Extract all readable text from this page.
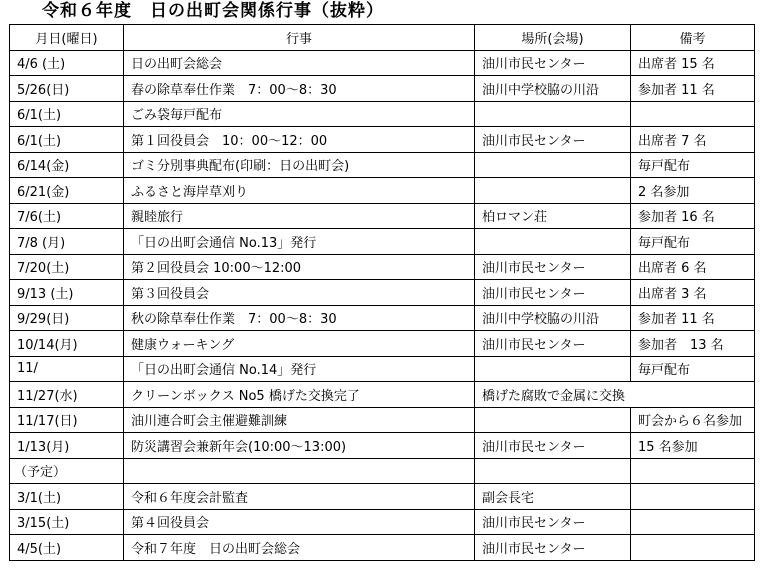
令和６年度　日の出町会関係行事（抜粋）
月日(曜日)	行事	場所(会場)	備考
4/6 (土)	日の出町会総会	油川市民センター	出席者 15 名
5/26(日)	春の除草奉仕作業　7：00～8：30	油川中学校脇の川沿	参加者 11 名
6/1(土)	ごみ袋毎戸配布		
6/1(土)	第１回役員会　10：00～12：00	油川市民センター	出席者 7 名
6/14(金)	ゴミ分別事典配布(印刷：日の出町会)		毎戸配布
6/21(金)	ふるさと海岸草刈り		2 名参加
7/6(土)	親睦旅行	柏ロマン荘	参加者 16 名
7/8 (月)	「日の出町会通信 No.13」発行		毎戸配布
7/20(土)	第２回役員会 10:00～12:00	油川市民センター	出席者 6 名
9/13 (土)	第３回役員会	油川市民センター	出席者 3 名
9/29(日)	秋の除草奉仕作業　7：00～8：30	油川中学校脇の川沿	参加者 11 名
10/14(月)	健康ウォーキング	油川市民センター	参加者　13 名
11/	「日の出町会通信 No.14」発行		毎戸配布
11/27(水)	クリーンボックス No5 橋げた交換完了	橋げた腐敗で金属に交換	
11/17(日)	油川連合町会主催避難訓練		町会から６名参加
1/13(月)	防災講習会兼新年会(10:00～13:00)	油川市民センター	15 名参加
（予定）			
3/1(土)	令和６年度会計監査	副会長宅	
3/15(土)	第４回役員会	油川市民センター	
4/5(土)	令和７年度　日の出町会総会	油川市民センター	
